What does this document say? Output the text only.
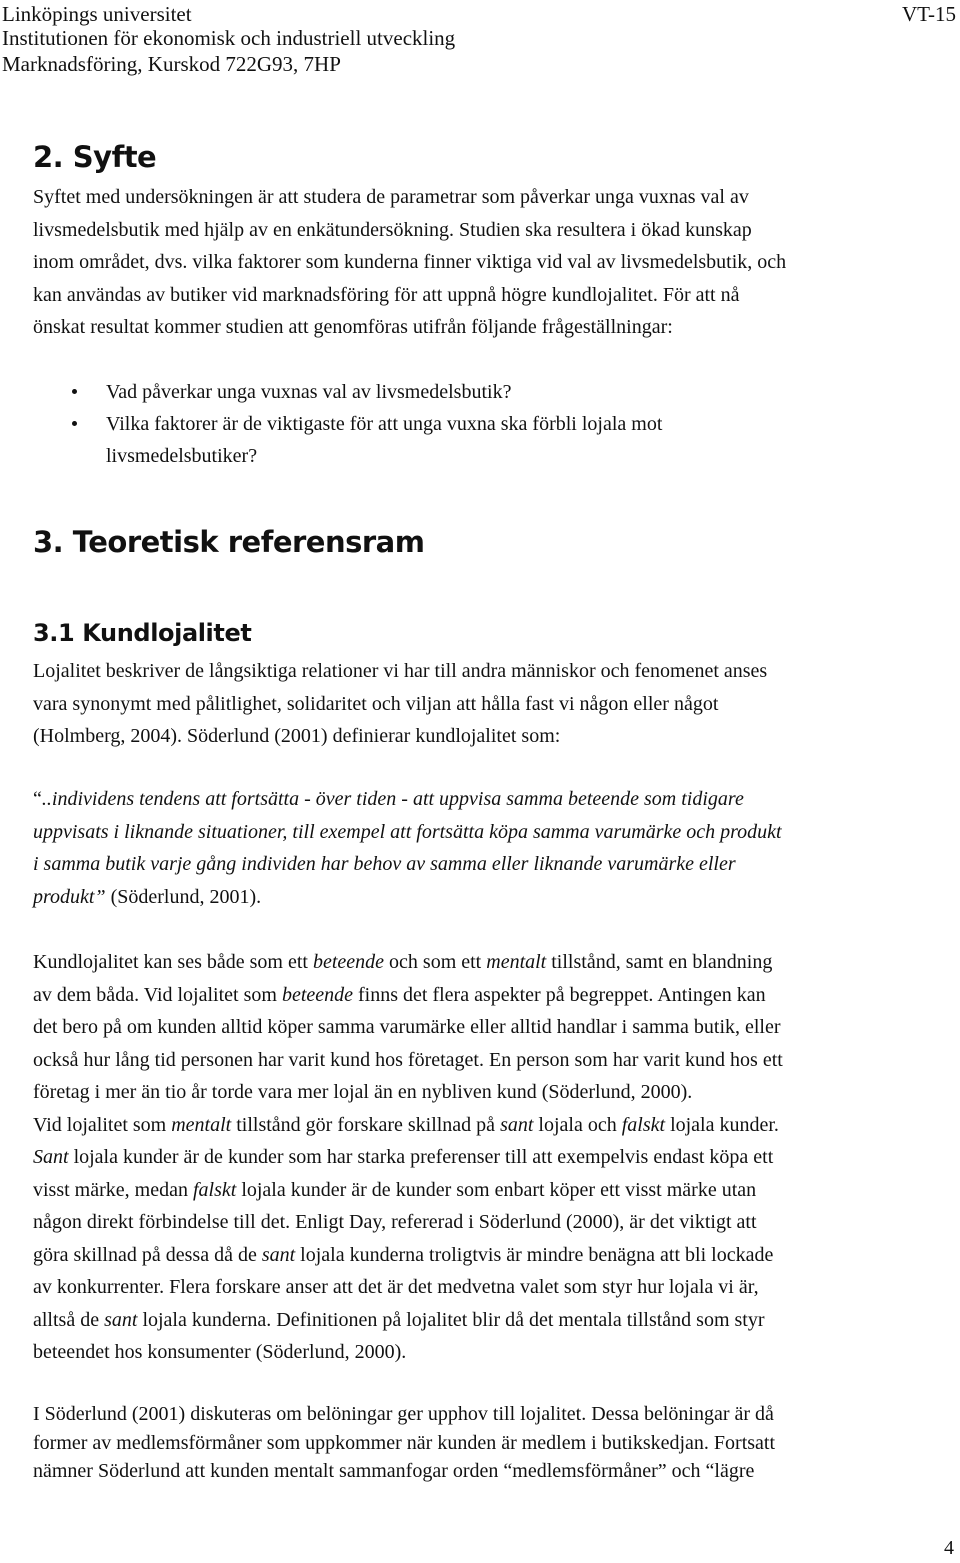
Linköpings universitet
Institutionen för ekonomisk och industriell utveckling
Marknadsföring, Kurskod 722G93, 7HP
VT-15
2. Syfte
Syftet med undersökningen är att studera de parametrar som påverkar unga vuxnas val av
livsmedelsbutik med hjälp av en enkätundersökning. Studien ska resultera i ökad kunskap
inom området, dvs. vilka faktorer som kunderna finner viktiga vid val av livsmedelsbutik, och
kan användas av butiker vid marknadsföring för att uppnå högre kundlojalitet. För att nå
önskat resultat kommer studien att genomföras utifrån följande frågeställningar:
Vad påverkar unga vuxnas val av livsmedelsbutik?
Vilka faktorer är de viktigaste för att unga vuxna ska förbli lojala mot
livsmedelsbutiker?
3. Teoretisk referensram
3.1 Kundlojalitet
Lojalitet beskriver de långsiktiga relationer vi har till andra människor och fenomenet anses
vara synonymt med pålitlighet, solidaritet och viljan att hålla fast vi någon eller något
(Holmberg, 2004). Söderlund (2001) definierar kundlojalitet som:
“..individens tendens att fortsätta - över tiden - att uppvisa samma beteende som tidigare
uppvisats i liknande situationer, till exempel att fortsätta köpa samma varumärke och produkt
i samma butik varje gång individen har behov av samma eller liknande varumärke eller
produkt” (Söderlund, 2001).
Kundlojalitet kan ses både som ett beteende och som ett mentalt tillstånd, samt en blandning
av dem båda. Vid lojalitet som beteende finns det flera aspekter på begreppet. Antingen kan
det bero på om kunden alltid köper samma varumärke eller alltid handlar i samma butik, eller
också hur lång tid personen har varit kund hos företaget. En person som har varit kund hos ett
företag i mer än tio år torde vara mer lojal än en nybliven kund (Söderlund, 2000).
Vid lojalitet som mentalt tillstånd gör forskare skillnad på sant lojala och falskt lojala kunder.
Sant lojala kunder är de kunder som har starka preferenser till att exempelvis endast köpa ett
visst märke, medan falskt lojala kunder är de kunder som enbart köper ett visst märke utan
någon direkt förbindelse till det. Enligt Day, refererad i Söderlund (2000), är det viktigt att
göra skillnad på dessa då de sant lojala kunderna troligtvis är mindre benägna att bli lockade
av konkurrenter. Flera forskare anser att det är det medvetna valet som styr hur lojala vi är,
alltså de sant lojala kunderna. Definitionen på lojalitet blir då det mentala tillstånd som styr
beteendet hos konsumenter (Söderlund, 2000).
I Söderlund (2001) diskuteras om belöningar ger upphov till lojalitet. Dessa belöningar är då
former av medlemsförmåner som uppkommer när kunden är medlem i butikskedjan. Fortsatt
nämner Söderlund att kunden mentalt sammanfogar orden “medlemsförmåner” och “lägre
4
